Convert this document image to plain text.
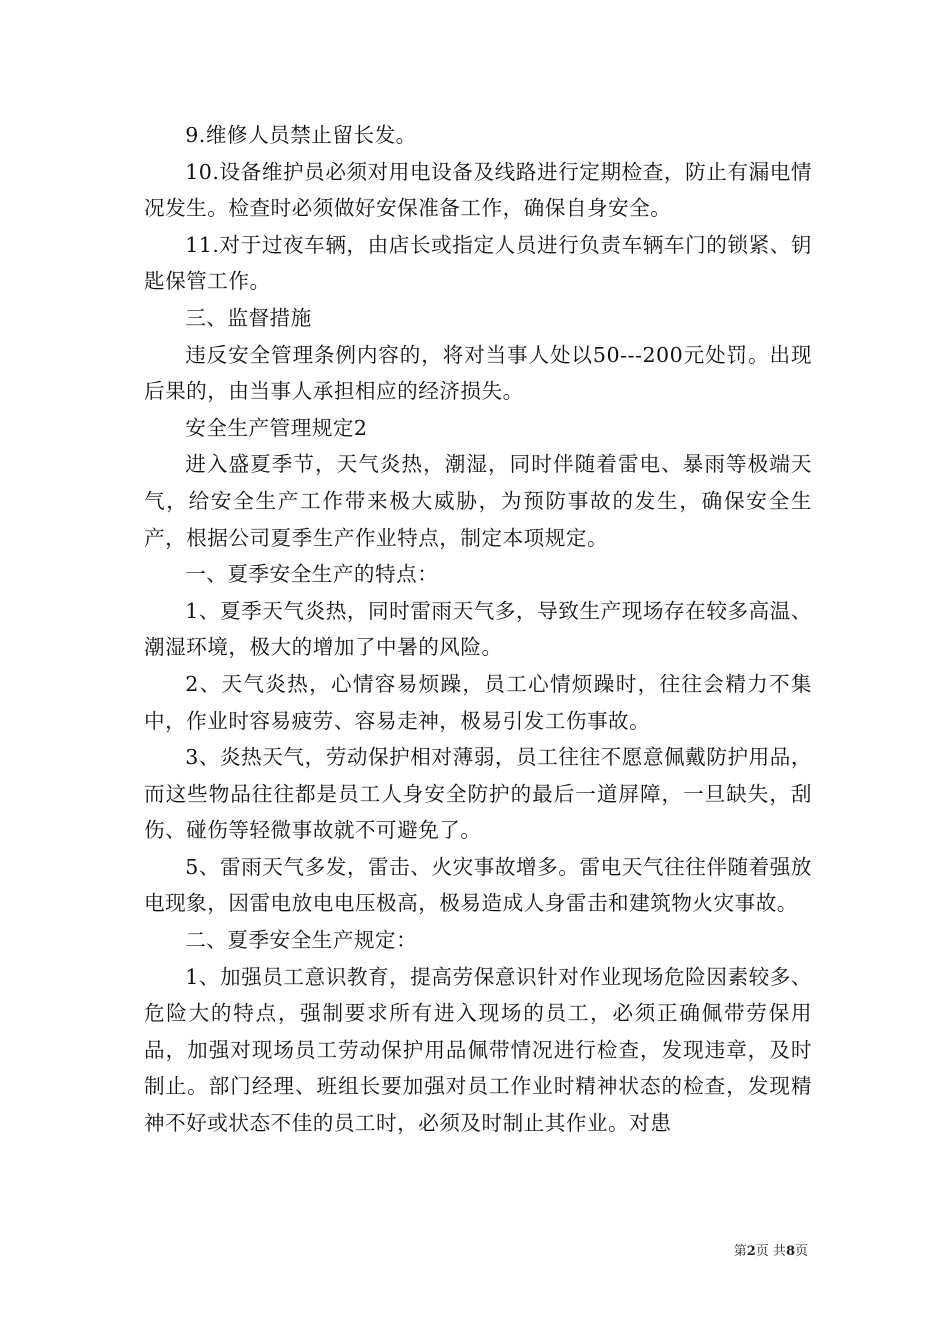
9.维修人员禁止留长发。

10.设备维护员必须对用电设备及线路进行定期检查，防止有漏电情况发生。检查时必须做好安保准备工作，确保自身安全。

11.对于过夜车辆，由店长或指定人员进行负责车辆车门的锁紧、钥匙保管工作。

三、监督措施

违反安全管理条例内容的，将对当事人处以50---200元处罚。出现后果的，由当事人承担相应的经济损失。

安全生产管理规定2

进入盛夏季节，天气炎热，潮湿，同时伴随着雷电、暴雨等极端天气，给安全生产工作带来极大威胁，为预防事故的发生，确保安全生产，根据公司夏季生产作业特点，制定本项规定。

一、夏季安全生产的特点：

1、夏季天气炎热，同时雷雨天气多，导致生产现场存在较多高温、潮湿环境，极大的增加了中暑的风险。

2、天气炎热，心情容易烦躁，员工心情烦躁时，往往会精力不集中，作业时容易疲劳、容易走神，极易引发工伤事故。

3、炎热天气，劳动保护相对薄弱，员工往往不愿意佩戴防护用品，而这些物品往往都是员工人身安全防护的最后一道屏障，一旦缺失，刮伤、碰伤等轻微事故就不可避免了。

5、雷雨天气多发，雷击、火灾事故增多。雷电天气往往伴随着强放电现象，因雷电放电电压极高，极易造成人身雷击和建筑物火灾事故。

二、夏季安全生产规定：

1、加强员工意识教育，提高劳保意识针对作业现场危险因素较多、危险大的特点，强制要求所有进入现场的员工，必须正确佩带劳保用品，加强对现场员工劳动保护用品佩带情况进行检查，发现违章，及时制止。部门经理、班组长要加强对员工作业时精神状态的检查，发现精神不好或状态不佳的员工时，必须及时制止其作业。对患

第2页 共8页
